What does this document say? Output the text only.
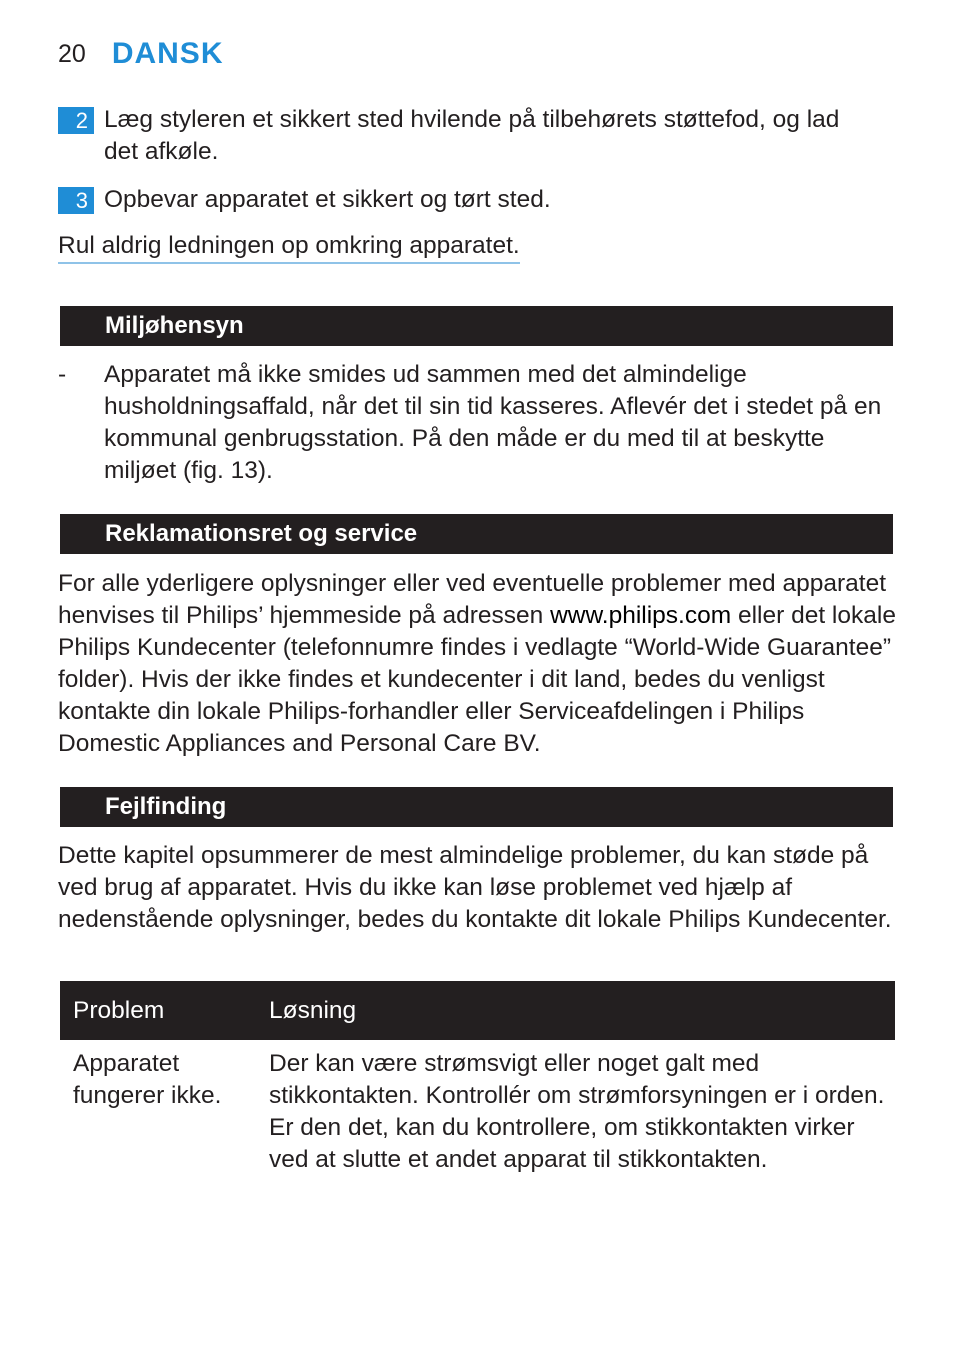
20 DANSK
2 Læg styleren et sikkert sted hvilende på tilbehørets støttefod, og lad det afkøle.
3 Opbevar apparatet et sikkert og tørt sted.
Rul aldrig ledningen op omkring apparatet.
Miljøhensyn
-	Apparatet må ikke smides ud sammen med det almindelige husholdningsaffald, når det til sin tid kasseres. Aflevér det i stedet på en kommunal genbrugsstation. På den måde er du med til at beskytte miljøet (fig. 13).
Reklamationsret og service
For alle yderligere oplysninger eller ved eventuelle problemer med apparatet henvises til Philips’ hjemmeside på adressen www.philips.com eller det lokale Philips Kundecenter (telefonnumre findes i vedlagte “World-Wide Guarantee” folder). Hvis der ikke findes et kundecenter i dit land, bedes du venligst kontakte din lokale Philips-forhandler eller Serviceafdelingen i Philips Domestic Appliances and Personal Care BV.
Fejlfinding
Dette kapitel opsummerer de mest almindelige problemer, du kan støde på ved brug af apparatet. Hvis du ikke kan løse problemet ved hjælp af nedenstående oplysninger, bedes du kontakte dit lokale Philips Kundecenter.
Problem	Løsning
Apparatet fungerer ikke.
Der kan være strømsvigt eller noget galt med stikkontakten. Kontrollér om strømforsyningen er i orden. Er den det, kan du kontrollere, om stikkontakten virker ved at slutte et andet apparat til stikkontakten.
